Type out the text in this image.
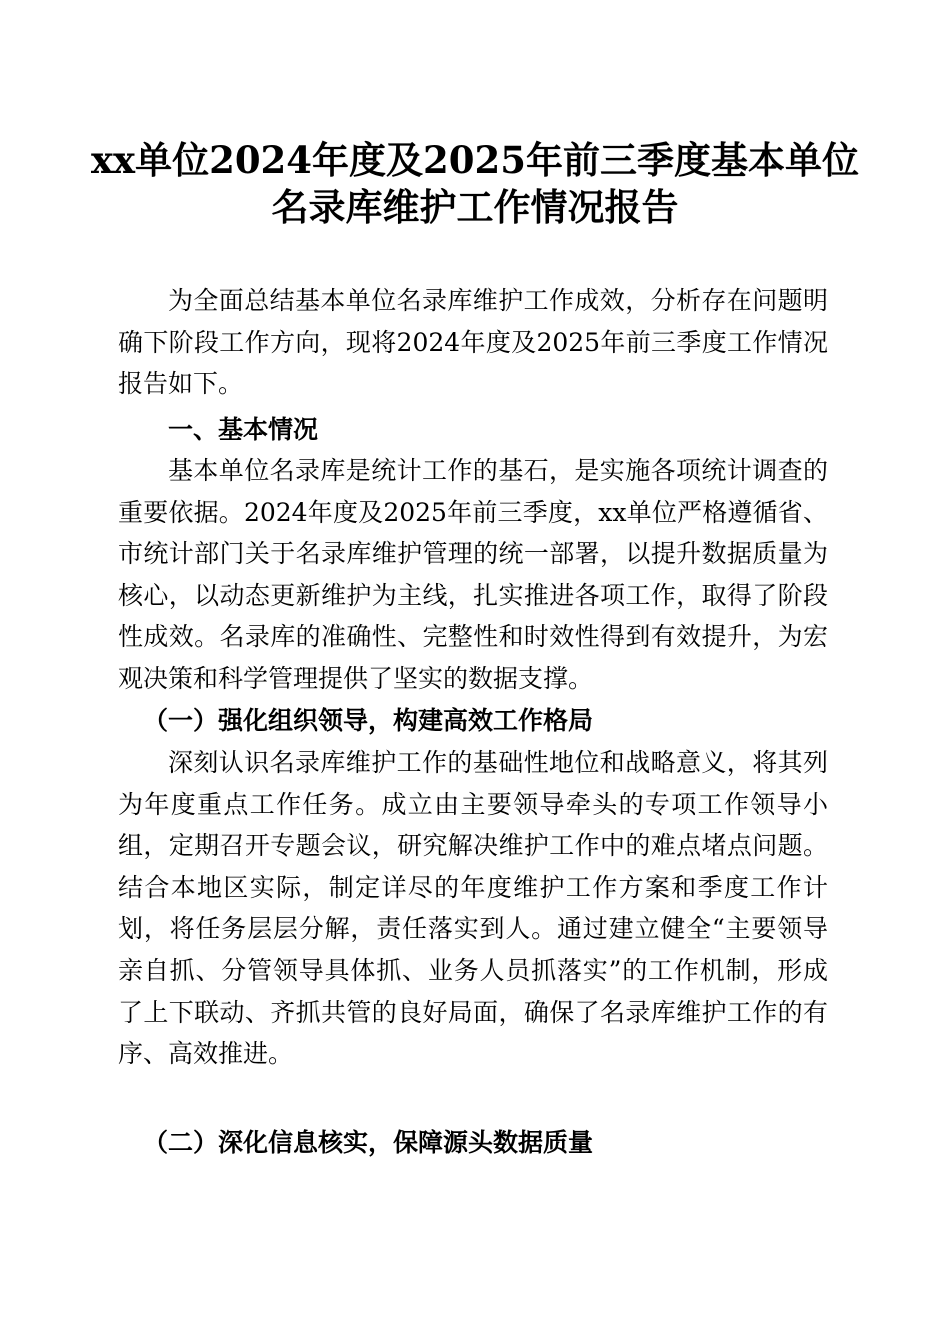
xx单位2024年度及2025年前三季度基本单位
名录库维护工作情况报告

为全面总结基本单位名录库维护工作成效，分析存在问题明确下阶段工作方向，现将2024年度及2025年前三季度工作情况报告如下。

一、基本情况

基本单位名录库是统计工作的基石，是实施各项统计调查的重要依据。2024年度及2025年前三季度，xx单位严格遵循省、市统计部门关于名录库维护管理的统一部署，以提升数据质量为核心，以动态更新维护为主线，扎实推进各项工作，取得了阶段性成效。名录库的准确性、完整性和时效性得到有效提升，为宏观决策和科学管理提供了坚实的数据支撑。

（一）强化组织领导，构建高效工作格局

深刻认识名录库维护工作的基础性地位和战略意义，将其列为年度重点工作任务。成立由主要领导牵头的专项工作领导小组，定期召开专题会议，研究解决维护工作中的难点堵点问题。结合本地区实际，制定详尽的年度维护工作方案和季度工作计划，将任务层层分解，责任落实到人。通过建立健全“主要领导亲自抓、分管领导具体抓、业务人员抓落实”的工作机制，形成了上下联动、齐抓共管的良好局面，确保了名录库维护工作的有序、高效推进。

（二）深化信息核实，保障源头数据质量
